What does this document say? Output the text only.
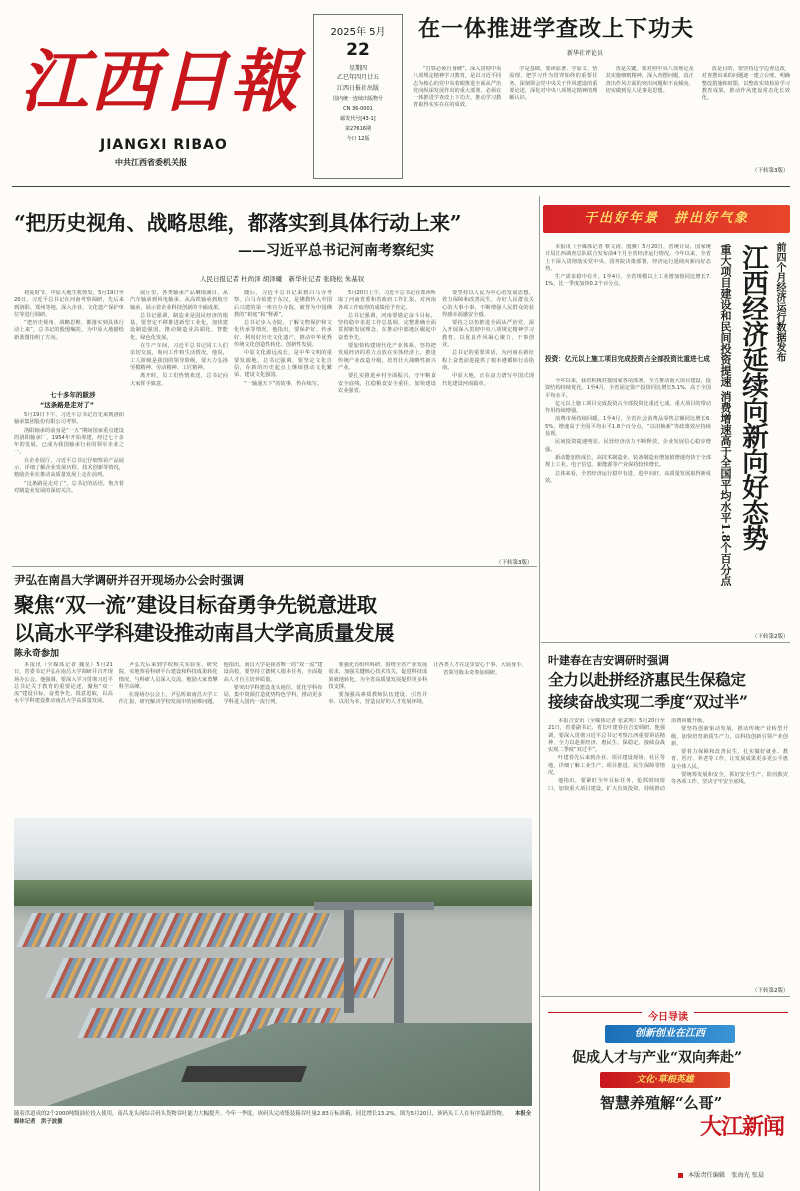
江西日報
JIANGXI RIBAO
中共江西省委机关报
2025年 5月
22
星期四
乙巳年四月廿五
江西日报社出版
国内统一连续出版物号
CN 36-0001
邮发代号[43-1]
第27616期
今日 12版
在一体推进学查改上下功夫
新华社评论员

“打铁必须自身硬”。深入贯彻中央八项规定精神学习教育，是以习近平同志为核心的党中央着眼推进全面从严治党向纵深发展作出的重大部署，必须在一体推进学查改上下功夫，推动学习教育取得实实在在的成效。

学是基础，要读原著、学原文、悟原理，把学习作为贯穿始终的重要任务，深刻领会党中央关于作风建设的重要论述，深化对中央八项规定精神的理解认识。

查是关键，要对照中央八项规定及其实施细则精神，深入查摆问题，真正查出作风方面的突出问题和不良倾向，切实做到见人见事见思想。

改是目的，要坚持边学边查边改，对查摆出来的问题逐一建立台账、明确整改措施和时限，以整改实效检验学习教育成果，推动作风建设常态化长效化。

（下转第3版）
“把历史视角、战略思维，都落实到具体行动上来”
——习近平总书记河南考察纪实
人民日报记者 杜尚泽 胡泽曦　新华社记者 张晓松 朱基钗

初夏时节，中原大地生机勃发。5月19日至20日，习近平总书记在河南考察调研，先后来到洛阳、郑州等地，深入企业、文化遗产保护单位等进行调研。

“把历史视角、战略思维，都落实到具体行动上来”，总书记的殷殷嘱托，为中原大地描绘新蓝图指明了方向。

七十多年的跋涉
“这条路是走对了”

5月19日下午，习近平总书记首先来到洛阳轴承集团股份有限公司考察。

洛阳轴承的前身是“一五”期间国家重点建设的洛阳轴承厂，1954年开始筹建，经过七十多年的发展，已成为我国轴承行业的领军企业之一。

在企业展厅，习近平总书记仔细察看产品展示，详细了解企业发展历程、技术创新等情况，勉励企业在推动高质量发展上走在前列。

“这条路是走对了”，总书记的话语，饱含着对制造业发展的深切关注。

展厅里，各类轴承产品琳琅满目，从汽车轴承到风电轴承，从高铁轴承到航空轴承，展示着企业科技创新的丰硕成果。

总书记强调，制造业是国民经济的根基，要坚定不移推进新型工业化，加快建设制造强国，推动制造业高端化、智能化、绿色化发展。

在生产车间，习近平总书记同工人们亲切交流，询问工作和生活情况。他说，工人阶级是我国的领导阶级，要大力弘扬劳模精神、劳动精神、工匠精神。

离开时，员工们热情欢送，总书记向大家挥手致意。

随后，习近平总书记来到白马寺考察。白马寺始建于东汉，是佛教传入中国后兴建的第一座官办寺院，被誉为中国佛教的“祖庭”和“释源”。

总书记步入寺院，了解文物保护和文化传承等情况。他指出，要保护好、传承好、利用好历史文化遗产，推动中华优秀传统文化创造性转化、创新性发展。

中原文化源远流长，是中华文明的重要发源地。总书记强调，要坚定文化自信，在新的历史起点上继续推动文化繁荣、建设文化强国。

“一轴通天下”的故事，仍在续写。

5月20日上午，习近平总书记在郑州听取了河南省委和省政府工作汇报，对河南各项工作取得的成绩给予肯定。

总书记强调，河南要锚定奋斗目标，坚持稳中求进工作总基调，完整准确全面贯彻新发展理念，在推动中部地区崛起中奋勇争先。

要加快构建现代化产业体系，坚持把发展经济的着力点放在实体经济上，推进传统产业改造升级，培育壮大战略性新兴产业。

要扎实推进乡村全面振兴，守牢粮食安全底线，扛稳粮食安全重任，加快建设农业强省。

要坚持以人民为中心的发展思想，着力保障和改善民生，办好人民群众关心的大事小事，不断增强人民群众的获得感幸福感安全感。

要持之以恒推进全面从严治党，深入开展深入贯彻中央八项规定精神学习教育，以优良作风凝心聚力、干事创业。

总书记的重要讲话，为河南在新征程上奋勇前进提供了根本遵循和行动指南。

中原大地，正在奋力谱写中国式现代化建设河南篇章。

（下转第3版）
干出好年景　拼出好气象
前四个月经济运行数据发布
江西经济延续向新向好态势
重大项目建设和民间投资提速 消费增速高于全国平均水平1.8个百分点

本报讯（全媒体记者 蔡文涛、殷骥）5月20日，省统计局、国家统计局江西调查总队联合发布前4个月全省经济运行情况。今年以来，全省上下深入贯彻落实党中央、国务院决策部署，经济运行延续向新向好态势。

生产需求稳中有升。1至4月，全省规模以上工业增加值同比增长7.1%，比一季度加快0.2个百分点。

投资：亿元以上施工项目完成投资占全部投资比重进七成

今年以来，我省积极对接国家各项部署，全力推动重大项目建设，投资结构持续优化。1至4月，全省固定资产投资同比增长5.1%，高于全国平均水平。

亿元以上施工项目完成投资占全部投资比重近七成，重大项目的带动作用持续增强。

消费市场持续回暖。1至4月，全省社会消费品零售总额同比增长6.5%，增速高于全国平均水平1.8个百分点，“以旧换新”等政策效应持续显现。

民间投资提速明显，民营经济活力不断释放，企业发展信心稳步增强。

新动能加快成长，高技术制造业、装备制造业增加值增速均快于全部规上工业。电子信息、新能源等产业保持较快增长。

总体来看，全省经济运行稳中有进、进中向好，高质量发展取得新成效。

（下转第2版）
尹弘在南昌大学调研并召开现场办公会时强调
聚焦“双一流”建设目标奋勇争先锐意进取
以高水平学科建设推动南昌大学高质量发展
陈永奇参加

本报讯（全媒体记者 魏星）5月21日，省委书记尹弘在南昌大学调研并召开现场办公会。他强调，要深入学习贯彻习近平总书记关于教育的重要论述，聚焦“双一流”建设目标，奋勇争先、锐意进取，以高水平学科建设推动南昌大学高质量发展。

尹弘先后来到学校相关实验室、研究院，实地察看科研平台建设和科技成果转化情况，与科研人员深入交流，勉励大家勇攀科学高峰。

在现场办公会上，尹弘听取南昌大学工作汇报，研究解决学校发展中的困难问题。他指出，南昌大学是我省唯一的“双一流”建设高校，要坚持立德树人根本任务，全面提高人才自主培养质量。

要突出学科建设龙头地位，优化学科布局，集中资源打造优势特色学科，推动更多学科进入国内一流行列。

要强化有组织科研，围绕全省产业发展需求，加强关键核心技术攻关，促进科技成果就地转化，为全省高质量发展提供更多科技支撑。

要加强高素质教师队伍建设，引育并举、以用为本，营造良好的人才发展环境，让各类人才在这里安心干事、大展身手。

省领导陈永奇参加调研。

叶建春在吉安调研时强调
全力以赴拼经济惠民生保稳定
接续奋战实现二季度“双过半”

本报吉安讯（全媒体记者 张武明）5月20日至21日，省委副书记、省长叶建春在吉安调研。他强调，要深入贯彻习近平总书记考察江西重要讲话精神，全力以赴拼经济、惠民生、保稳定，接续奋战实现二季度“双过半”。

叶建春先后来到企业、项目建设现场、社区等地，详细了解工业生产、项目推进、民生保障等情况。

他指出，要紧盯全年目标任务，抢抓时间窗口，加快重大项目建设，扩大有效投资，持续推动消费回暖升级。

要坚持创新驱动发展，推动传统产业转型升级，加快培育新质生产力，以科技创新引领产业创新。

要着力保障和改善民生，扎实做好就业、教育、医疗、养老等工作，让发展成果更多更公平惠及全体人民。

要统筹发展和安全，抓好安全生产、防汛救灾等各项工作，坚决守牢安全底线。

（下转第2版）
随着洪道成的2个2000吨级油位投入使用，南昌龙头岗综合码头货物吞吐能力大幅提升。今年一季度，该码头完成集装箱吞吐量2.83万标准箱，同比增长13.2%。图为5月20日，该码头工人在有序装卸货物。 本报全媒体记者　洪子波摄
今日导读
创新创业在江西
促成人才与产业“双向奔赴”
文化·草根英雄
智慧养殖解“么哥”
大江新闻
本版责任编辑　张海光 张晨
